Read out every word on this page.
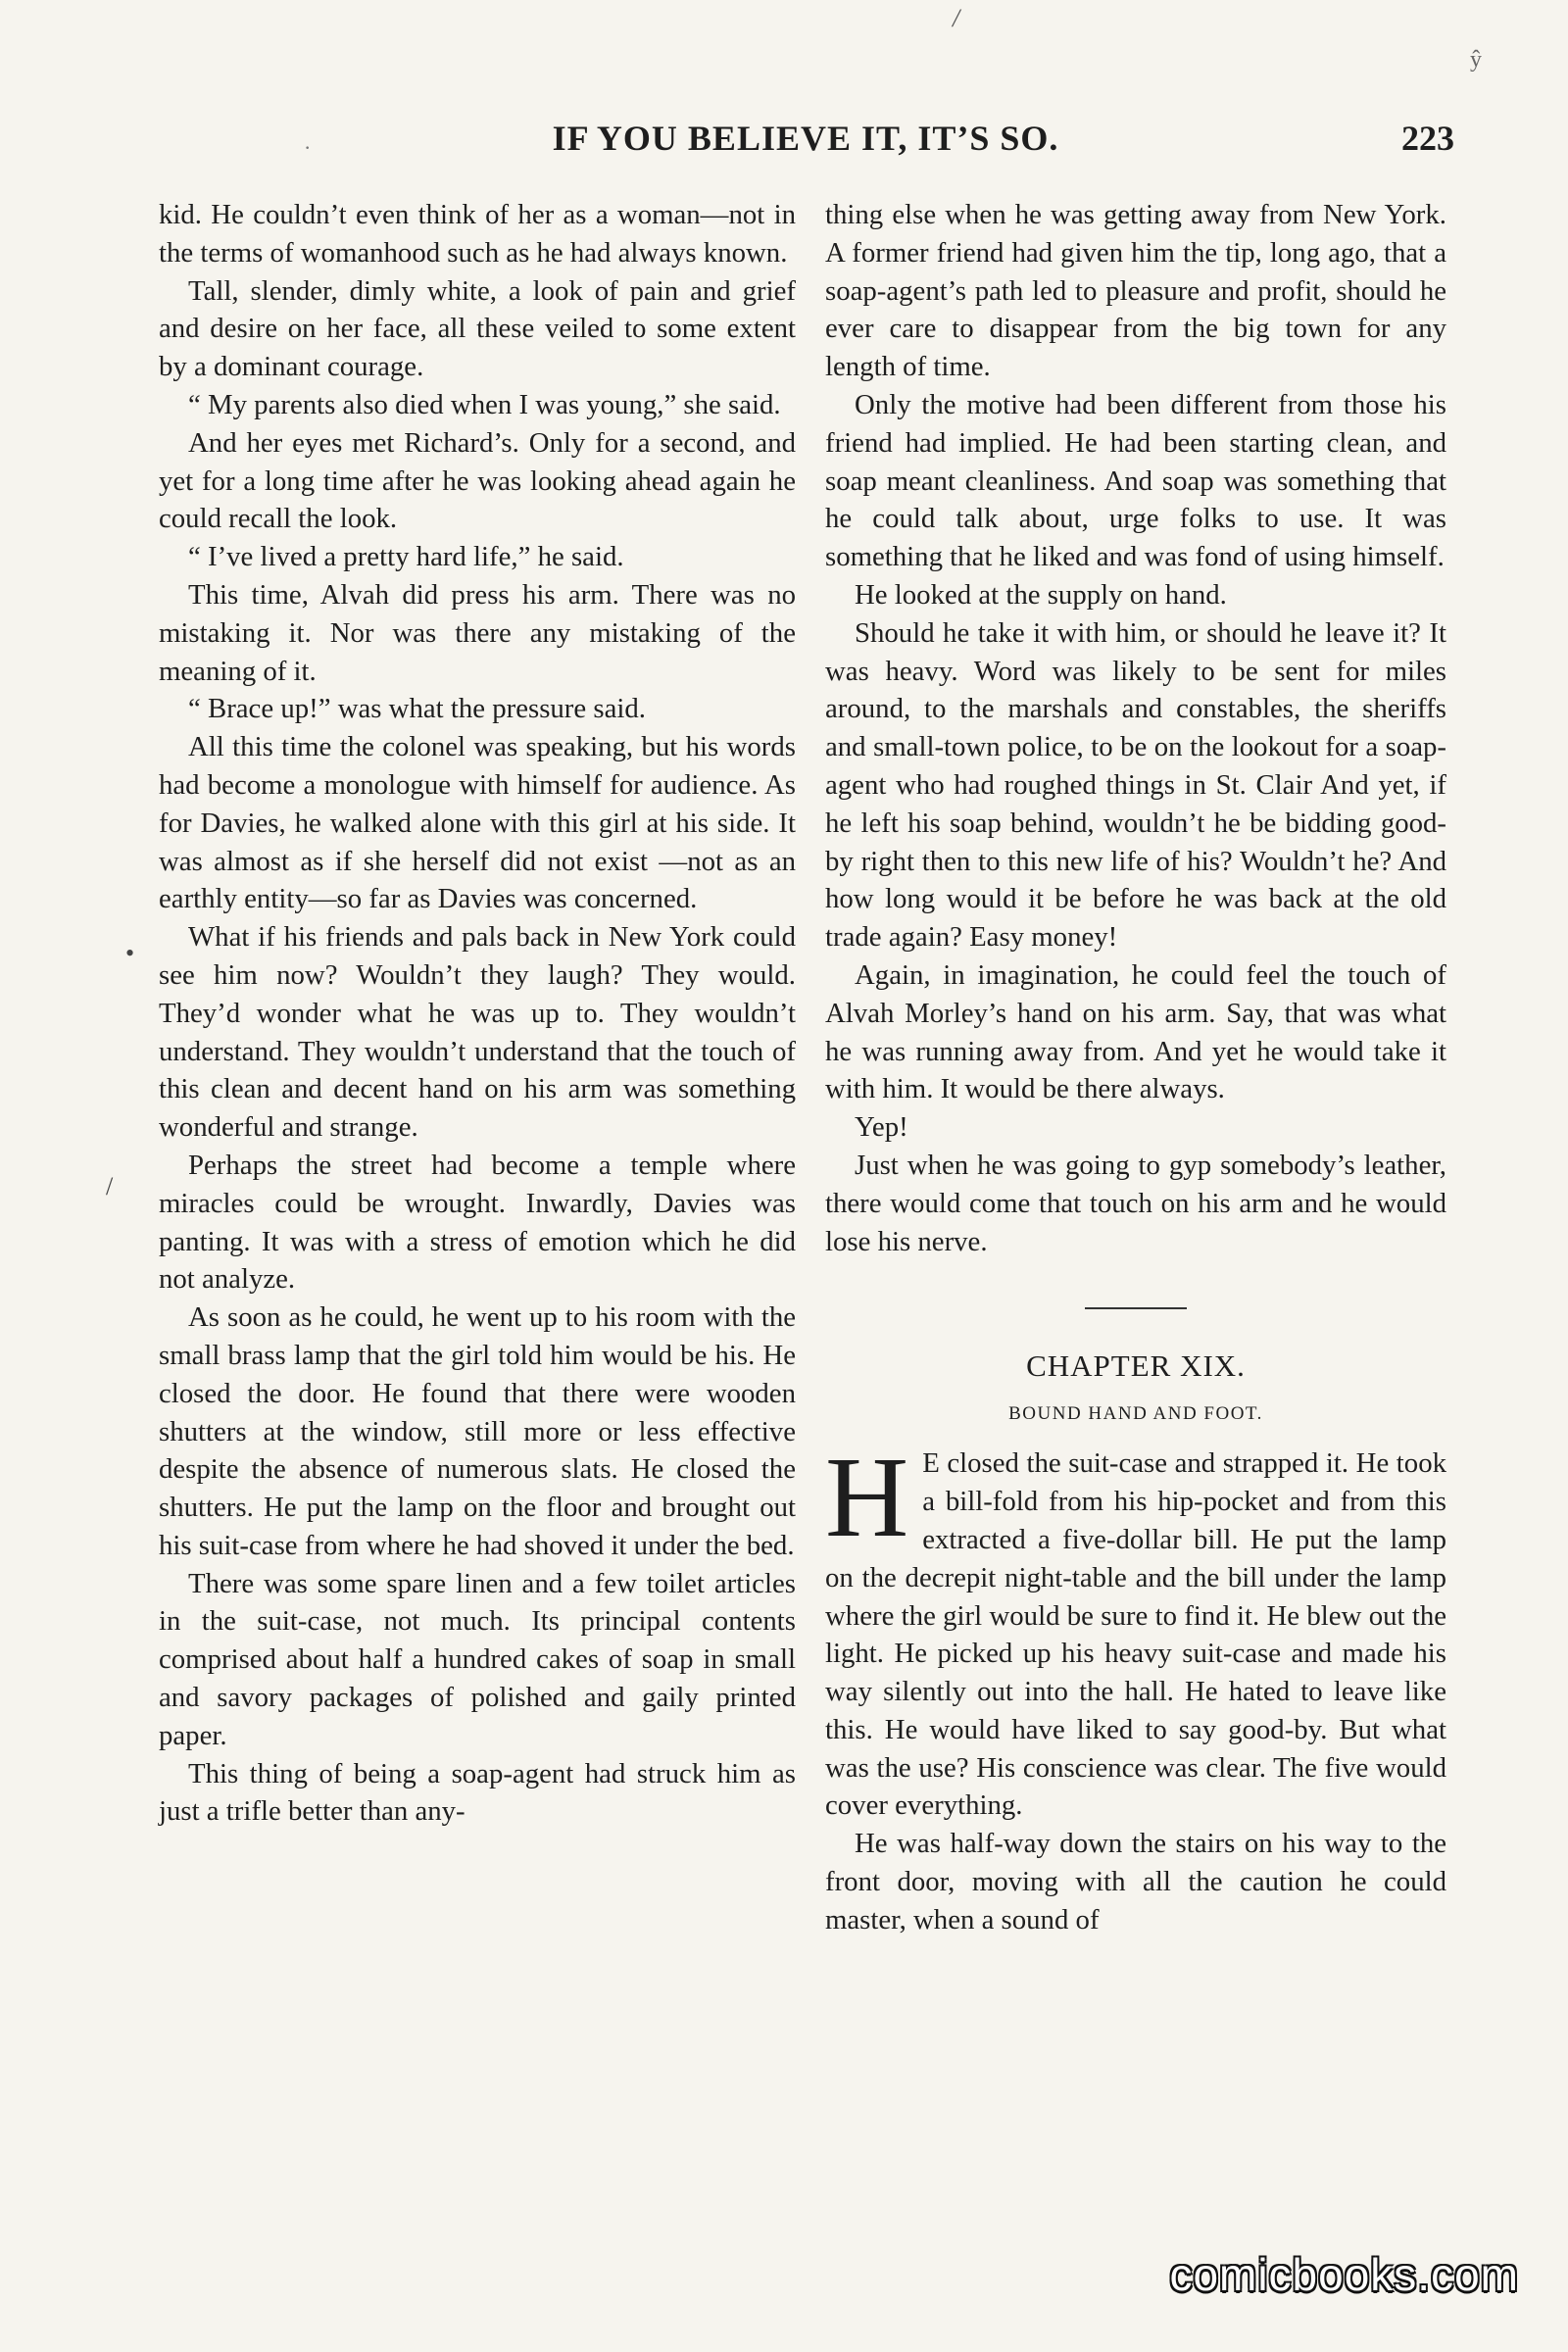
/
ŷ
·	IF YOU BELIEVE IT, IT’S SO.	223
•
/

kid. He couldn’t even think of her as a woman—not in the terms of womanhood such as he had always known.

Tall, slender, dimly white, a look of pain and grief and desire on her face, all these veiled to some extent by a dominant courage.

“ My parents also died when I was young,” she said.

And her eyes met Richard’s. Only for a second, and yet for a long time after he was looking ahead again he could recall the look.

“ I’ve lived a pretty hard life,” he said.

This time, Alvah did press his arm. There was no mistaking it. Nor was there any mistaking of the meaning of it.

“ Brace up!” was what the pressure said.

All this time the colonel was speaking, but his words had become a monologue with himself for audience. As for Davies, he walked alone with this girl at his side. It was almost as if she herself did not exist —not as an earthly entity—so far as Davies was concerned.

What if his friends and pals back in New York could see him now? Wouldn’t they laugh? They would. They’d wonder what he was up to. They wouldn’t understand. They wouldn’t understand that the touch of this clean and decent hand on his arm was something wonderful and strange.

Perhaps the street had become a temple where miracles could be wrought. Inwardly, Davies was panting. It was with a stress of emotion which he did not analyze.

As soon as he could, he went up to his room with the small brass lamp that the girl told him would be his. He closed the door. He found that there were wooden shutters at the window, still more or less effective despite the absence of numerous slats. He closed the shutters. He put the lamp on the floor and brought out his suit-case from where he had shoved it under the bed.

There was some spare linen and a few toilet articles in the suit-case, not much. Its principal contents comprised about half a hundred cakes of soap in small and savory packages of polished and gaily printed paper.

This thing of being a soap-agent had struck him as just a trifle better than any-

thing else when he was getting away from New York. A former friend had given him the tip, long ago, that a soap-agent’s path led to pleasure and profit, should he ever care to disappear from the big town for any length of time.

Only the motive had been different from those his friend had implied. He had been starting clean, and soap meant cleanliness. And soap was something that he could talk about, urge folks to use. It was something that he liked and was fond of using himself.

He looked at the supply on hand.

Should he take it with him, or should he leave it? It was heavy. Word was likely to be sent for miles around, to the marshals and constables, the sheriffs and small-town police, to be on the lookout for a soap-agent who had roughed things in St. Clair And yet, if he left his soap behind, wouldn’t he be bidding good-by right then to this new life of his? Wouldn’t he? And how long would it be before he was back at the old trade again? Easy money!

Again, in imagination, he could feel the touch of Alvah Morley’s hand on his arm. Say, that was what he was running away from. And yet he would take it with him. It would be there always.

Yep!

Just when he was going to gyp somebody’s leather, there would come that touch on his arm and he would lose his nerve.

CHAPTER XIX.
BOUND HAND AND FOOT.

H E closed the suit-case and strapped it. He took a bill-fold from his hip-pocket and from this extracted a five-dollar bill. He put the lamp on the decrepit night-table and the bill under the lamp where the girl would be sure to find it. He blew out the light. He picked up his heavy suit-case and made his way silently out into the hall. He hated to leave like this. He would have liked to say good-by. But what was the use? His conscience was clear. The five would cover everything.

He was half-way down the stairs on his way to the front door, moving with all the caution he could master, when a sound of

comicbooks.com
